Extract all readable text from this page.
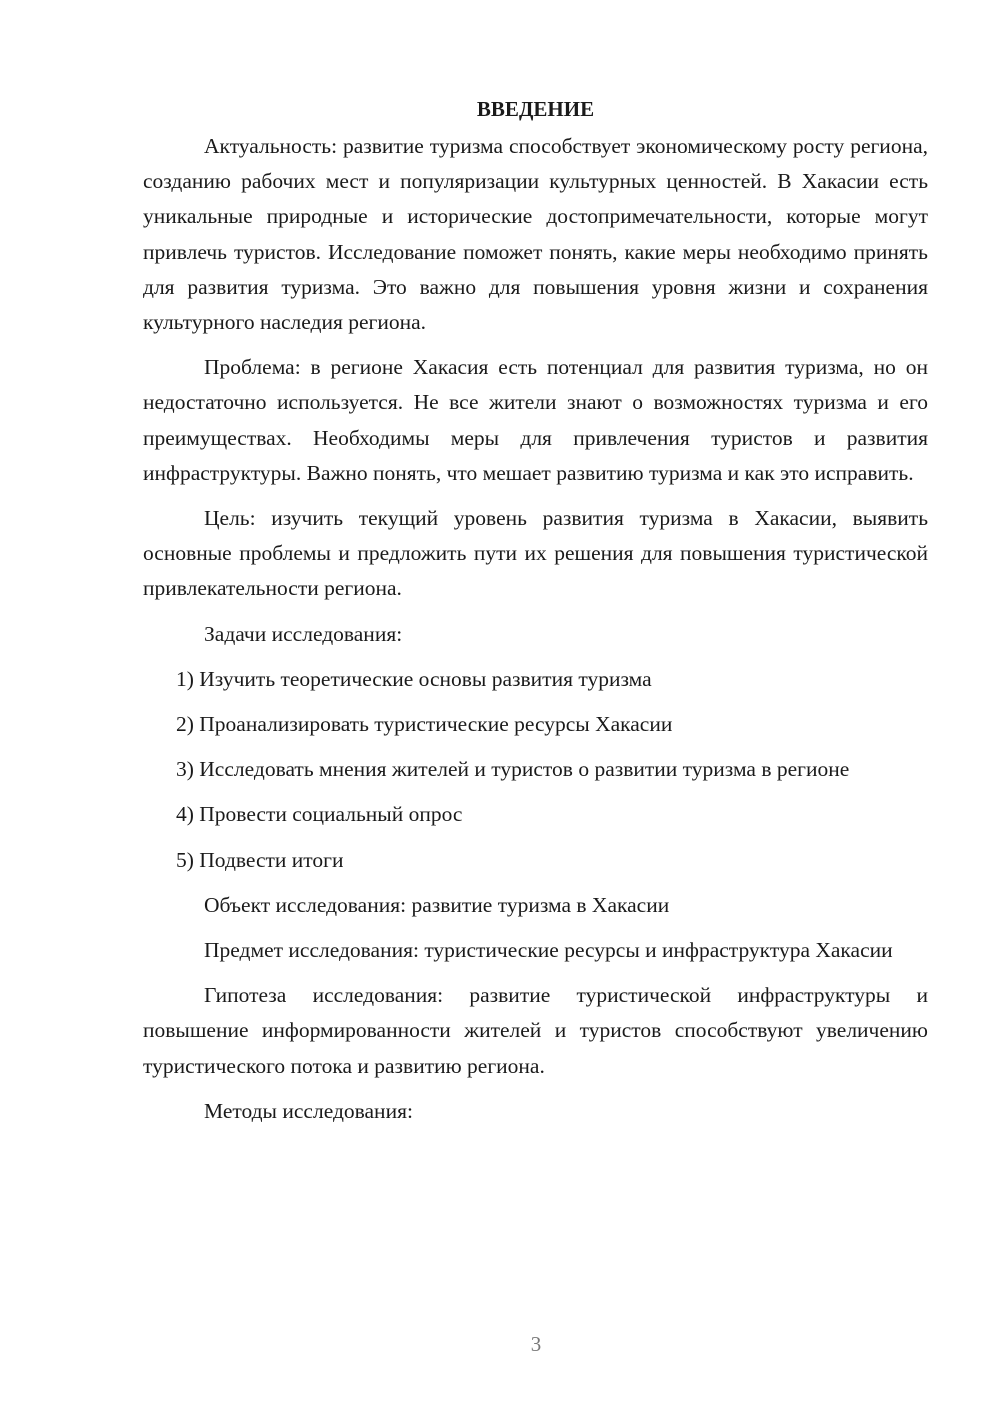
ВВЕДЕНИЕ

Актуальность: развитие туризма способствует экономическому росту региона, созданию рабочих мест и популяризации культурных ценностей. В Хакасии есть уникальные природные и исторические достопримечательности, которые могут привлечь туристов. Исследование поможет понять, какие меры необходимо принять для развития туризма. Это важно для повышения уровня жизни и сохранения культурного наследия региона.

Проблема: в регионе Хакасия есть потенциал для развития туризма, но он недостаточно используется. Не все жители знают о возможностях туризма и его преимуществах. Необходимы меры для привлечения туристов и развития инфраструктуры. Важно понять, что мешает развитию туризма и как это исправить.

Цель: изучить текущий уровень развития туризма в Хакасии, выявить основные проблемы и предложить пути их решения для повышения туристической привлекательности региона.

Задачи исследования:

1) Изучить теоретические основы развития туризма

2) Проанализировать туристические ресурсы Хакасии

3) Исследовать мнения жителей и туристов о развитии туризма в регионе

4) Провести социальный опрос

5) Подвести итоги

Объект исследования: развитие туризма в Хакасии

Предмет исследования: туристические ресурсы и инфраструктура Хакасии

Гипотеза исследования: развитие туристической инфраструктуры и повышение информированности жителей и туристов способствуют увеличению туристического потока и развитию региона.

Методы исследования:

3
